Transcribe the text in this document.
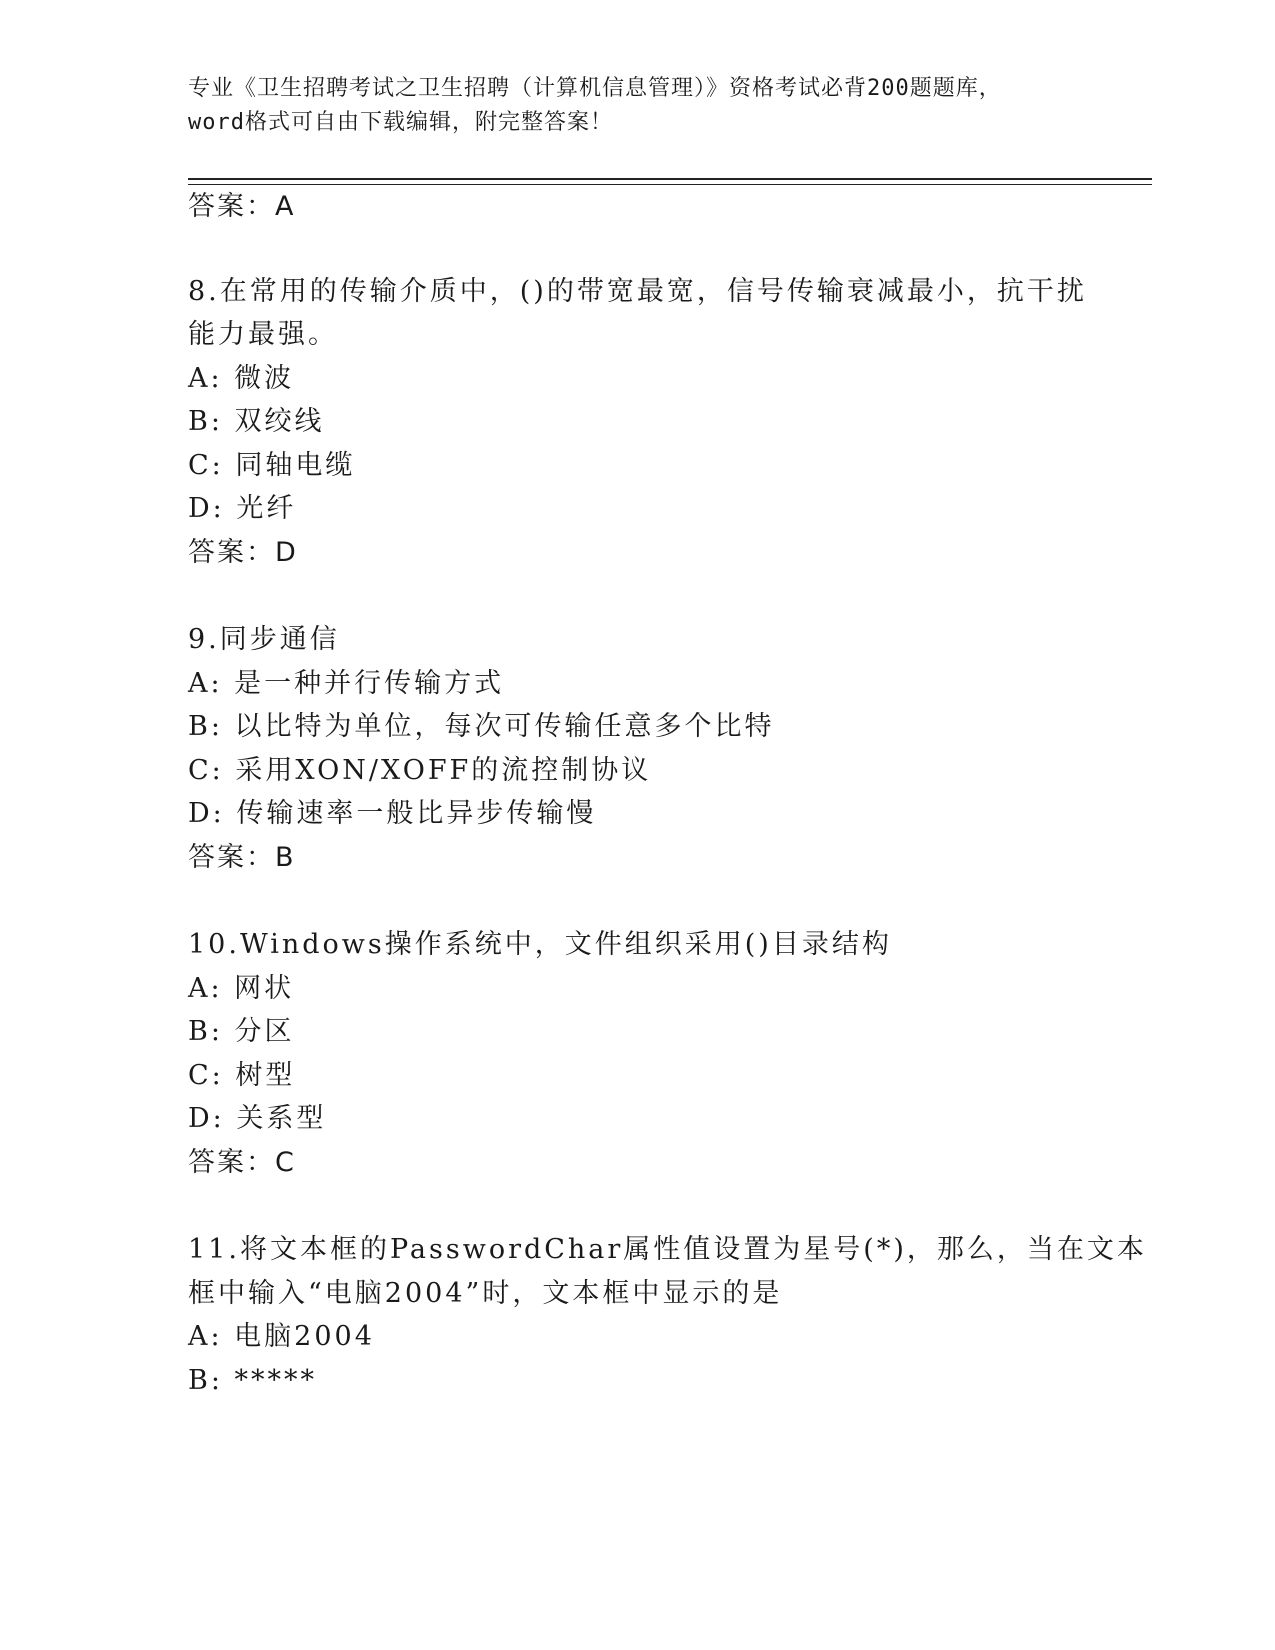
专业《卫生招聘考试之卫生招聘（计算机信息管理）》资格考试必背200题题库，
word格式可自由下载编辑，附完整答案！
答案：A
8.在常用的传输介质中，()的带宽最宽，信号传输衰减最小，抗干扰
能力最强。
A: 微波
B: 双绞线
C: 同轴电缆
D: 光纤
答案：D
9.同步通信
A: 是一种并行传输方式
B: 以比特为单位，每次可传输任意多个比特
C: 采用XON/XOFF的流控制协议
D: 传输速率一般比异步传输慢
答案：B
10.Windows操作系统中，文件组织采用()目录结构
A: 网状
B: 分区
C: 树型
D: 关系型
答案：C
11.将文本框的PasswordChar属性值设置为星号(*)，那么，当在文本
框中输入“电脑2004”时，文本框中显示的是
A: 电脑2004
B: *****
